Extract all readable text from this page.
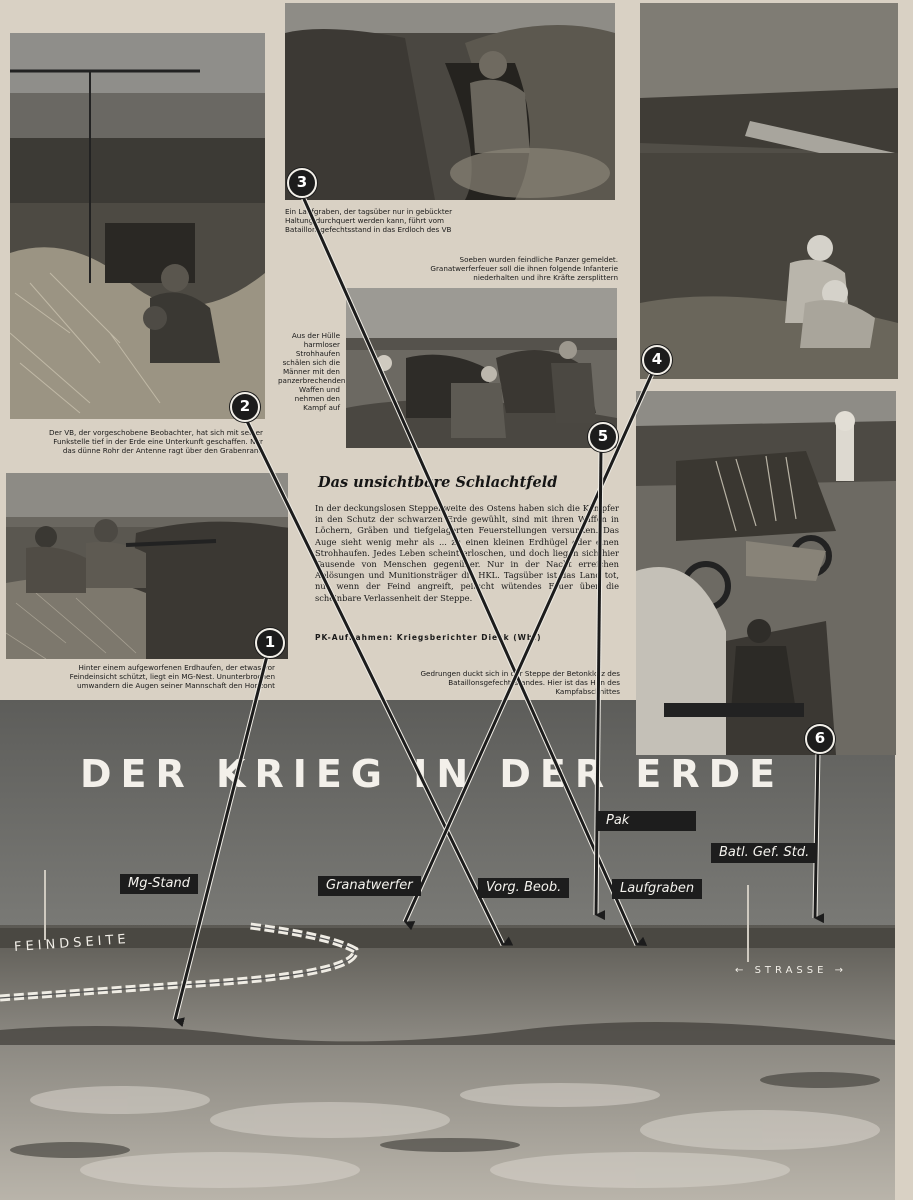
Der VB, der vorgeschobene Beobachter, hat sich mit seiner Funkstelle tief in der Erde eine Unterkunft geschaffen. Nur das dünne Rohr der Antenne ragt über den Grabenrand

Ein Laufgraben, der tagsüber nur in gebückter Haltung durchquert werden kann, führt vom Bataillonsgefechtsstand in das Erdloch des VB

Soeben wurden feindliche Panzer gemeldet. Granatwerferfeuer soll die ihnen folgende Infanterie niederhalten und ihre Kräfte zersplittern

Aus der Hülle harmloser Strohhaufen schälen sich die Männer mit den panzerbrechenden Waffen und nehmen den Kampf auf

Hinter einem aufgeworfenen Erdhaufen, der etwas vor Feindeinsicht schützt, liegt ein MG-Nest. Ununterbrochen umwandern die Augen seiner Mannschaft den Horizont

Gedrungen duckt sich in der Steppe der Betonklotz des Bataillonsgefechtsstandes. Hier ist das Hirn des Kampfabschnittes

Das unsichtbare Schlachtfeld

In der deckungslosen Steppenweite des Ostens haben sich die Kämpfer in den Schutz der schwarzen Erde gewühlt, sind mit ihren Waffen in Löchern, Gräben und tiefgelagerten Feuerstellungen versunken. Das Auge sieht wenig mehr als ... zu einen kleinen Erdhügel oder einen Strohhaufen. Jedes Leben scheint erloschen, und doch liegen sich hier Tausende von Menschen gegenüber. Nur in der Nacht erreichen Ablösungen und Munitionsträger die HKL. Tagsüber ist das Land tot, nur wenn der Feind angreift, peitscht wütendes Feuer über die scheinbare Verlassenheit der Steppe.

PK-Aufnahmen: Kriegsberichter Dieck (Wb.)

DER KRIEG IN DER ERDE
FEINDSEITE
← STRASSE →
1
2
3
4
5
6
Mg-Stand	Granatwerfer	Vorg. Beob.	Laufgraben
Pak
Batl. Gef. Std.
